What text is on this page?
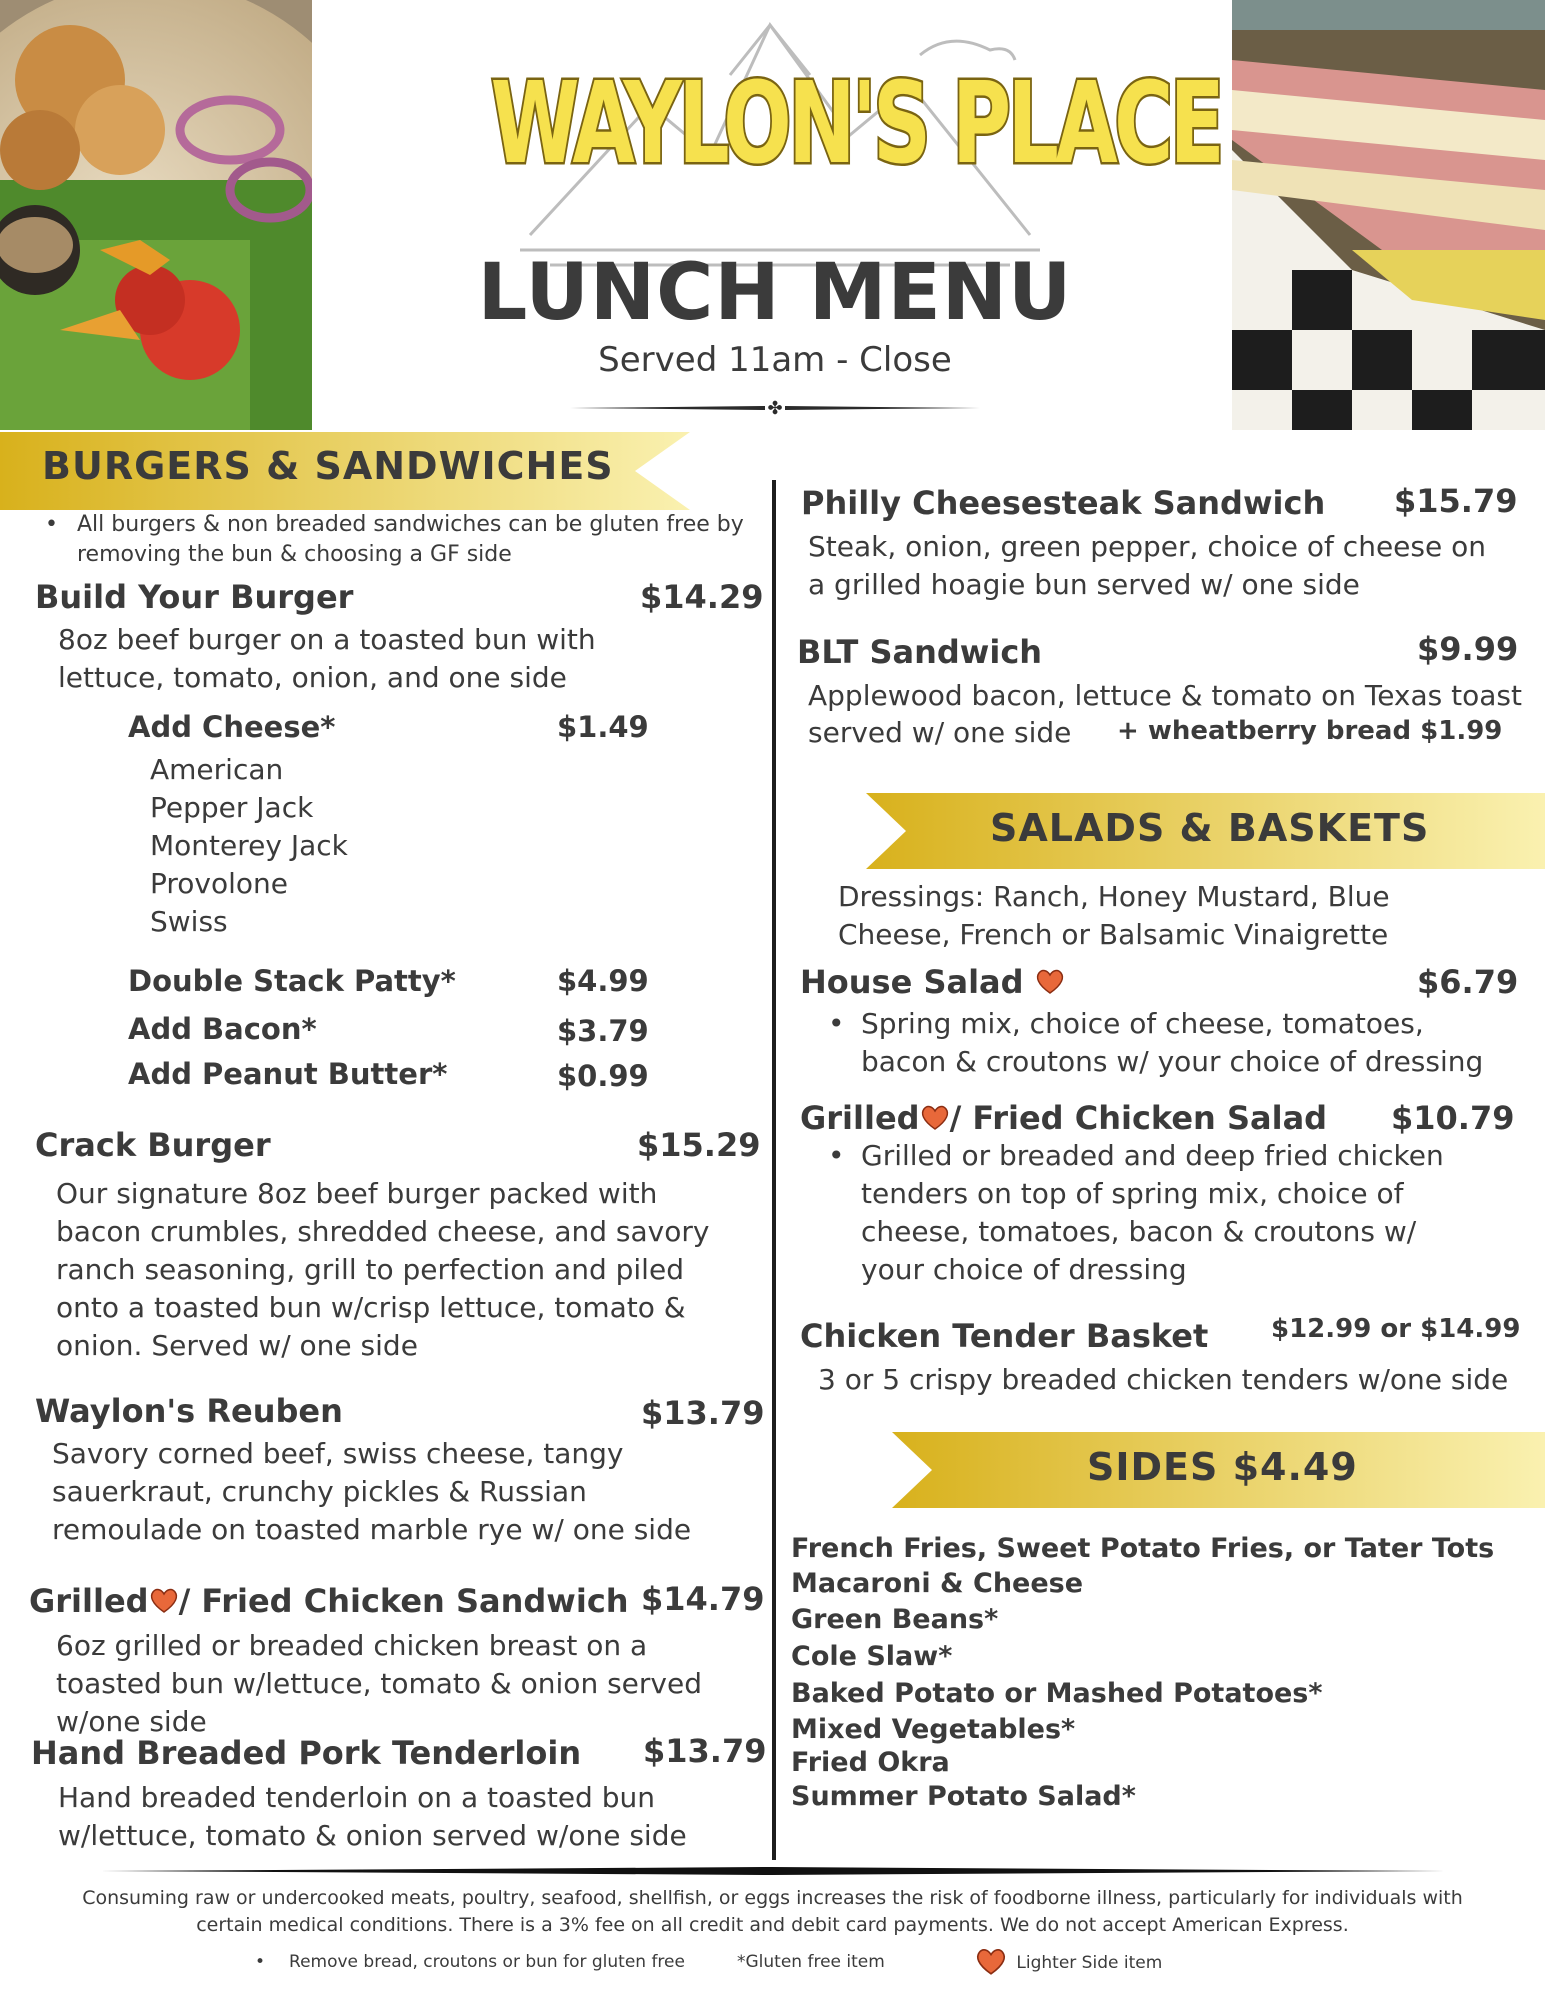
WAYLON'S PLACE
LUNCH MENU
Served 11am - Close
✤
BURGERS & SANDWICHES
SALADS & BASKETS
SIDES $4.49
• All burgers & non breaded sandwiches can be gluten free by removing the bun & choosing a GF side
Build Your Burger	$14.29
8oz beef burger on a toasted bun with lettuce, tomato, onion, and one side
Add Cheese*	$1.49
American
Pepper Jack
Monterey Jack
Provolone
Swiss
Double Stack Patty*	$4.99
Add Bacon*	$3.79
Add Peanut Butter*	$0.99
Crack Burger	$15.29
Our signature 8oz beef burger packed with bacon crumbles, shredded cheese, and savory ranch seasoning, grill to perfection and piled onto a toasted bun w/crisp lettuce, tomato & onion. Served w/ one side
Waylon's Reuben	$13.79
Savory corned beef, swiss cheese, tangy sauerkraut, crunchy pickles & Russian remoulade on toasted marble rye w/ one side
Grilled / Fried Chicken Sandwich $14.79
6oz grilled or breaded chicken breast on a toasted bun w/lettuce, tomato & onion served w/one side
Hand Breaded Pork Tenderloin $13.79
Hand breaded tenderloin on a toasted bun w/lettuce, tomato & onion served w/one side
Philly Cheesesteak Sandwich $15.79
Steak, onion, green pepper, choice of cheese on a grilled hoagie bun served w/ one side
BLT Sandwich	$9.99
Applewood bacon, lettuce & tomato on Texas toast
served w/ one side + wheatberry bread $1.99
Dressings: Ranch, Honey Mustard, Blue Cheese, French or Balsamic Vinaigrette
House Salad	$6.79
• Spring mix, choice of cheese, tomatoes, bacon & croutons w/ your choice of dressing
Grilled / Fried Chicken Salad $10.79
• Grilled or breaded and deep fried chicken tenders on top of spring mix, choice of cheese, tomatoes, bacon & croutons w/ your choice of dressing
Chicken Tender Basket $12.99 or $14.99
3 or 5 crispy breaded chicken tenders w/one side
French Fries, Sweet Potato Fries, or Tater Tots
Macaroni & Cheese
Green Beans*
Cole Slaw*
Baked Potato or Mashed Potatoes*
Mixed Vegetables*
Fried Okra
Summer Potato Salad*
Consuming raw or undercooked meats, poultry, seafood, shellfish, or eggs increases the risk of foodborne illness, particularly for individuals with certain medical conditions. There is a 3% fee on all credit and debit card payments. We do not accept American Express.
• Remove bread, croutons or bun for gluten free	*Gluten free item	Lighter Side item
